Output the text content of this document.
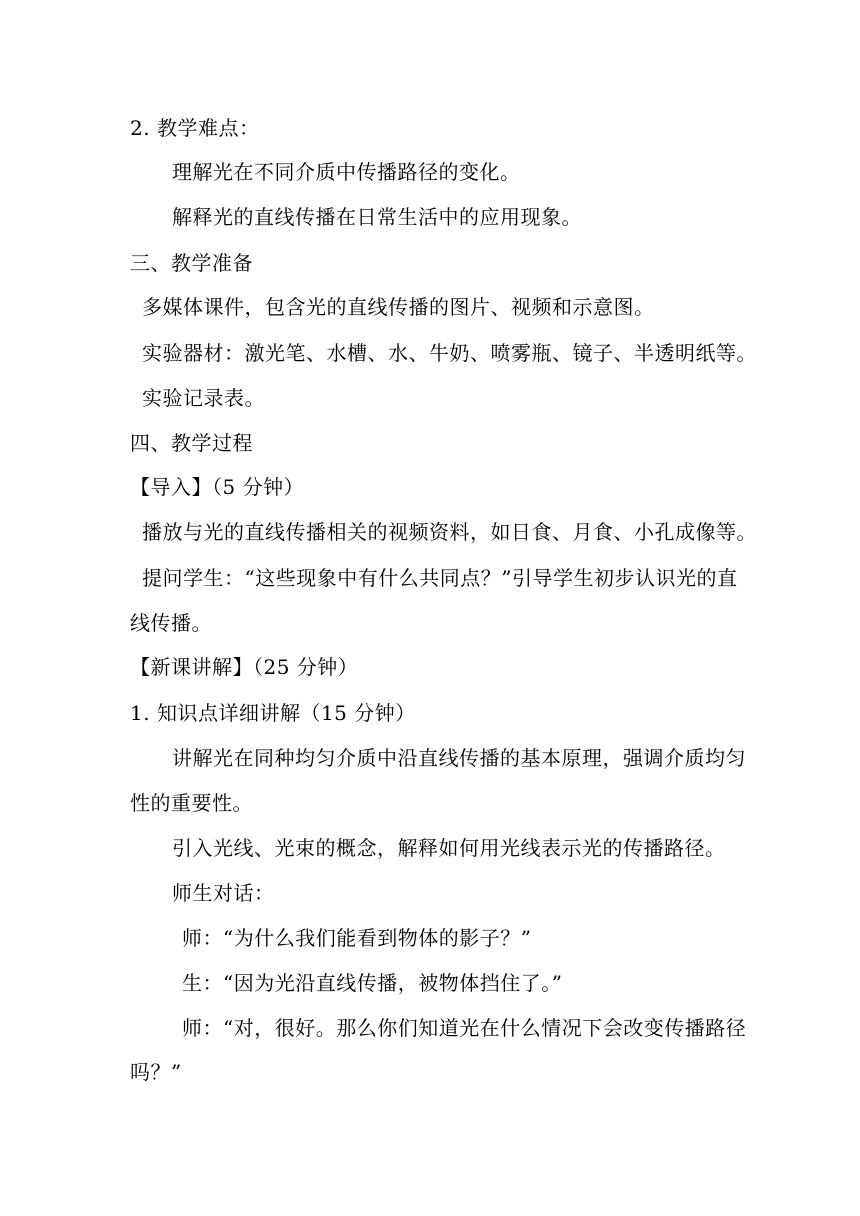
2. 教学难点：
理解光在不同介质中传播路径的变化。
解释光的直线传播在日常生活中的应用现象。
三、教学准备
多媒体课件，包含光的直线传播的图片、视频和示意图。
实验器材：激光笔、水槽、水、牛奶、喷雾瓶、镜子、半透明纸等。
实验记录表。
四、教学过程
【导入】（5 分钟）
播放与光的直线传播相关的视频资料，如日食、月食、小孔成像等。
提问学生：“这些现象中有什么共同点？”引导学生初步认识光的直
线传播。
【新课讲解】（25 分钟）
1. 知识点详细讲解（15 分钟）
讲解光在同种均匀介质中沿直线传播的基本原理，强调介质均匀
性的重要性。
引入光线、光束的概念，解释如何用光线表示光的传播路径。
师生对话：
师：“为什么我们能看到物体的影子？”
生：“因为光沿直线传播，被物体挡住了。”
师：“对，很好。那么你们知道光在什么情况下会改变传播路径
吗？”
